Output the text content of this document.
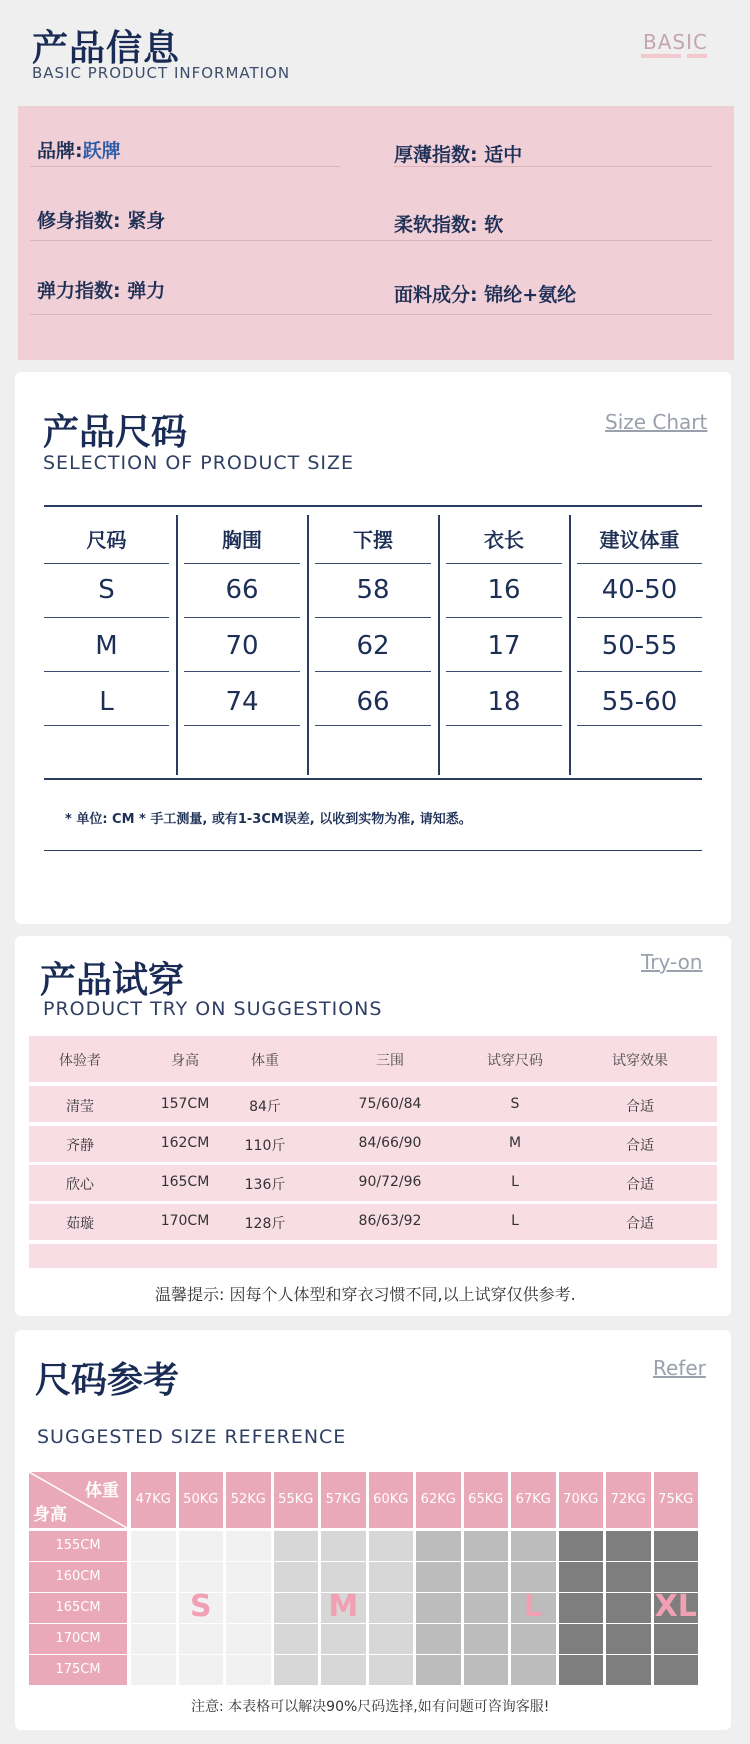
产品信息
BASIC PRODUCT INFORMATION
BASIC
品牌:跃牌	厚薄指数: 适中
修身指数: 紧身	柔软指数: 软
弹力指数: 弹力	面料成分: 锦纶+氨纶
产品尺码
SELECTION OF PRODUCT SIZE
Size Chart
尺码	胸围	下摆	衣长	建议体重
S	66	58	16	40-50
M	70	62	17	50-55
L	74	66	18	55-60
* 单位: CM * 手工测量, 或有1-3CM误差, 以收到实物为准, 请知悉。
产品试穿
PRODUCT TRY ON SUGGESTIONS
Try-on
温馨提示: 因每个人体型和穿衣习惯不同,以上试穿仅供参考.
体验者	身高	体重	三围	试穿尺码	试穿效果
清莹	157CM	84斤	75/60/84	S	合适
齐静	162CM	110斤	84/66/90	M	合适
欣心	165CM	136斤	90/72/96	L	合适
茹璇	170CM	128斤	86/63/92	L	合适
尺码参考
SUGGESTED SIZE REFERENCE
Refer
体重
身高
47KG 50KG 52KG 55KG 57KG 60KG 62KG 65KG 67KG 70KG 72KG 75KG
155CM
160CM
165CM
170CM
175CM
S	M	L	XL
注意: 本表格可以解决90%尺码选择,如有问题可咨询客服!
